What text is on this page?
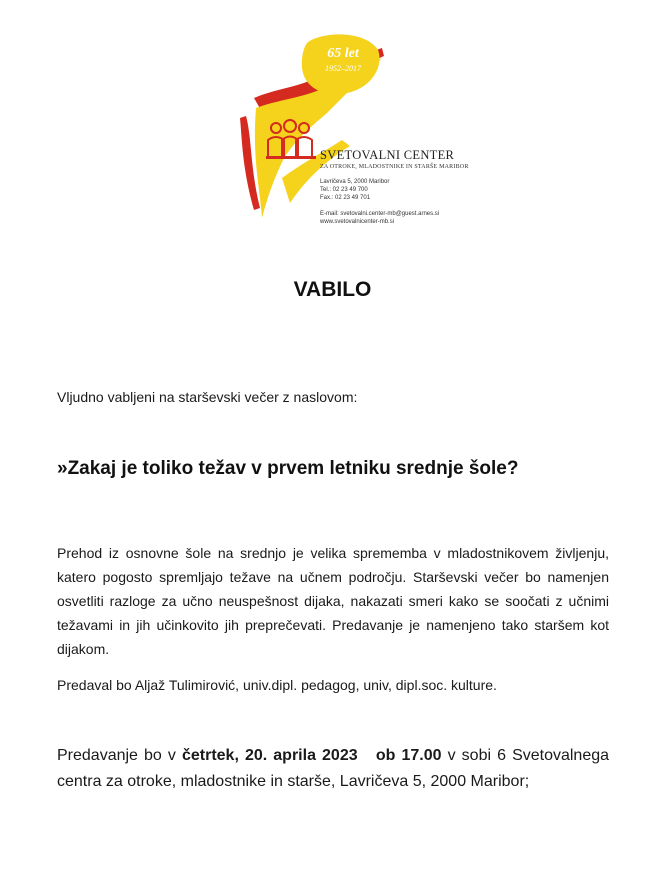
65 let
1952–2017
SVETOVALNI CENTER
ZA OTROKE, MLADOSTNIKE IN STARŠE MARIBOR
Lavričeva 5, 2000 Maribor
Tel.: 02 23 49 700
Fax.: 02 23 49 701
E-mail: svetovalni.center-mb@guest.arnes.si
www.svetovalnicenter-mb.si
VABILO
Vljudno vabljeni na starševski večer z naslovom:
»Zakaj je toliko težav v prvem letniku srednje šole?
Prehod iz osnovne šole na srednjo je velika sprememba v mladostnikovem življenju, katero pogosto spremljajo težave na učnem področju. Starševski večer bo namenjen osvetliti razloge za učno neuspešnost dijaka, nakazati smeri kako se soočati z učnimi težavami in jih učinkovito jih preprečevati. Predavanje je namenjeno tako staršem kot dijakom.
Predaval bo Aljaž Tulimirović, univ.dipl. pedagog, univ, dipl.soc. kulture.
Predavanje bo v četrtek, 20. aprila 2023 ob 17.00 v sobi 6 Svetovalnega centra za otroke, mladostnike in starše, Lavričeva 5, 2000 Maribor;
